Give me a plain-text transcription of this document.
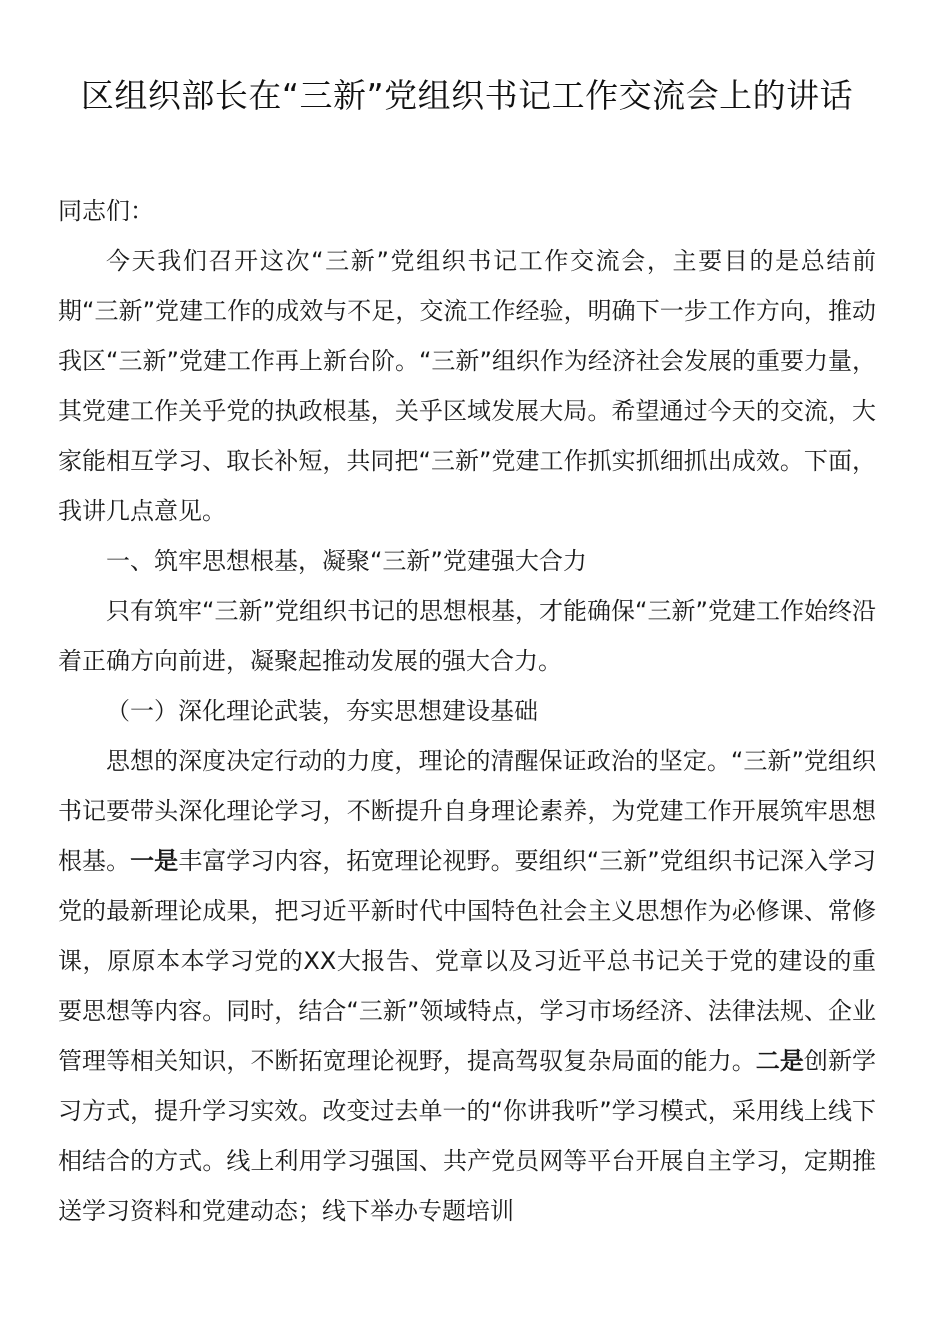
区组织部长在“三新”党组织书记工作交流会上的讲话

同志们：

今天我们召开这次“三新”党组织书记工作交流会，主要目的是总结前期“三新”党建工作的成效与不足，交流工作经验，明确下一步工作方向，推动我区“三新”党建工作再上新台阶。“三新”组织作为经济社会发展的重要力量，其党建工作关乎党的执政根基，关乎区域发展大局。希望通过今天的交流，大家能相互学习、取长补短，共同把“三新”党建工作抓实抓细抓出成效。下面，我讲几点意见。

一、筑牢思想根基，凝聚“三新”党建强大合力

只有筑牢“三新”党组织书记的思想根基，才能确保“三新”党建工作始终沿着正确方向前进，凝聚起推动发展的强大合力。

（一）深化理论武装，夯实思想建设基础

思想的深度决定行动的力度，理论的清醒保证政治的坚定。“三新”党组织书记要带头深化理论学习，不断提升自身理论素养，为党建工作开展筑牢思想根基。一是丰富学习内容，拓宽理论视野。要组织“三新”党组织书记深入学习党的最新理论成果，把习近平新时代中国特色社会主义思想作为必修课、常修课，原原本本学习党的XX大报告、党章以及习近平总书记关于党的建设的重要思想等内容。同时，结合“三新”领域特点，学习市场经济、法律法规、企业管理等相关知识，不断拓宽理论视野，提高驾驭复杂局面的能力。二是创新学习方式，提升学习实效。改变过去单一的“你讲我听”学习模式，采用线上线下相结合的方式。线上利用学习强国、共产党员网等平台开展自主学习，定期推送学习资料和党建动态；线下举办专题培训
